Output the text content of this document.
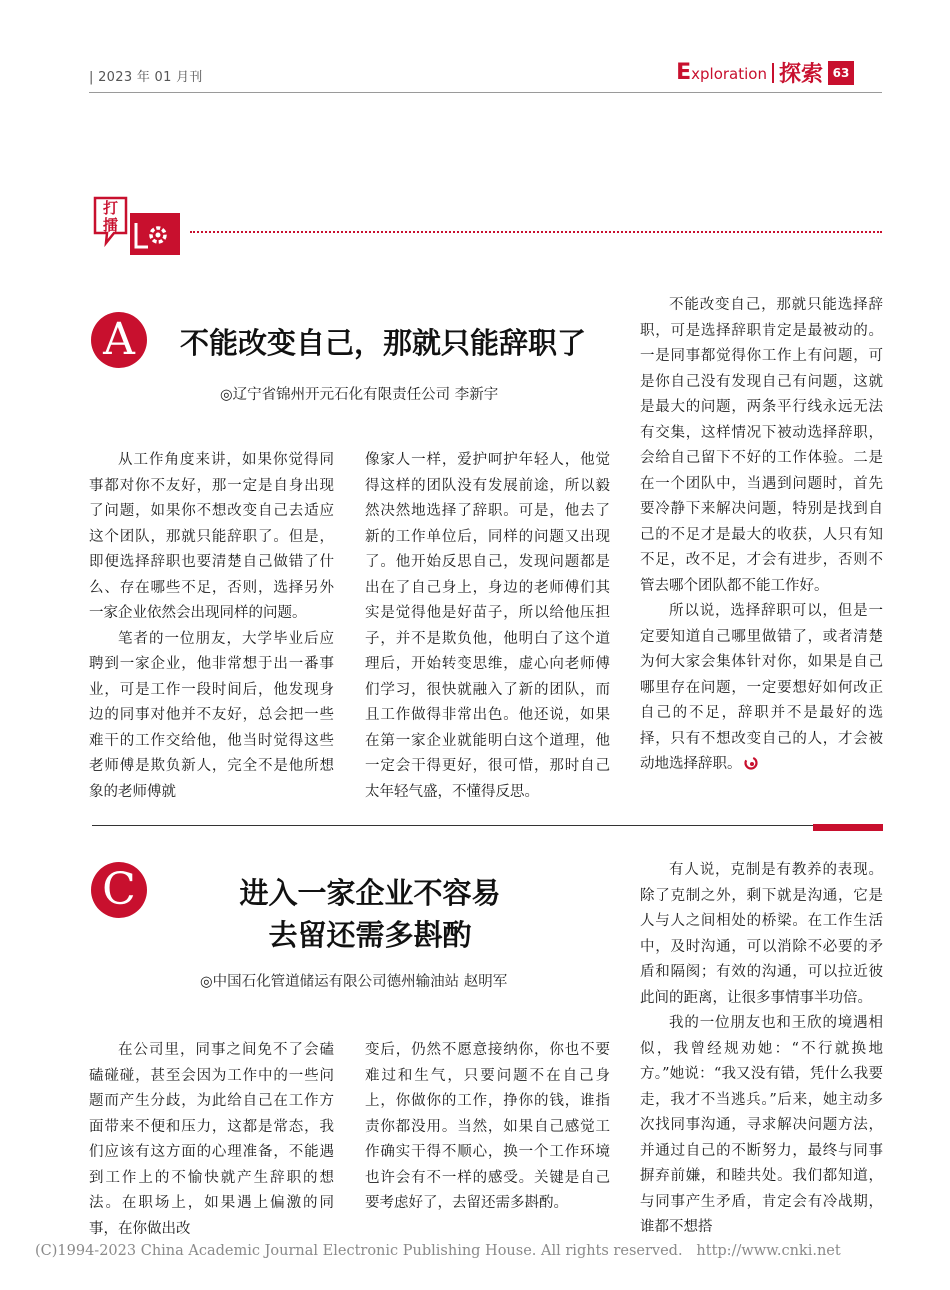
| 2023 年 01 月刊	Exploration 探索 63
打
擂
A	不能改变自己，那就只能辞职了
◎辽宁省锦州开元石化有限责任公司 李新宇

从工作角度来讲，如果你觉得同事都对你不友好，那一定是自身出现了问题，如果你不想改变自己去适应这个团队，那就只能辞职了。但是，即便选择辞职也要清楚自己做错了什么、存在哪些不足，否则，选择另外一家企业依然会出现同样的问题。

笔者的一位朋友，大学毕业后应聘到一家企业，他非常想于出一番事业，可是工作一段时间后，他发现身边的同事对他并不友好，总会把一些难干的工作交给他，他当时觉得这些老师傅是欺负新人，完全不是他所想象的老师傅就

像家人一样，爱护呵护年轻人，他觉得这样的团队没有发展前途，所以毅然决然地选择了辞职。可是，他去了新的工作单位后，同样的问题又出现了。他开始反思自己，发现问题都是出在了自己身上，身边的老师傅们其实是觉得他是好苗子，所以给他压担子，并不是欺负他，他明白了这个道理后，开始转变思维，虚心向老师傅们学习，很快就融入了新的团队，而且工作做得非常出色。他还说，如果在第一家企业就能明白这个道理，他一定会干得更好，很可惜，那时自己太年轻气盛，不懂得反思。

不能改变自己，那就只能选择辞职，可是选择辞职肯定是最被动的。一是同事都觉得你工作上有问题，可是你自己没有发现自己有问题，这就是最大的问题，两条平行线永远无法有交集，这样情况下被动选择辞职，会给自己留下不好的工作体验。二是在一个团队中，当遇到问题时，首先要冷静下来解决问题，特别是找到自己的不足才是最大的收获，人只有知不足，改不足，才会有进步，否则不管去哪个团队都不能工作好。

所以说，选择辞职可以，但是一定要知道自己哪里做错了，或者清楚为何大家会集体针对你，如果是自己哪里存在问题，一定要想好如何改正自己的不足，辞职并不是最好的选择，只有不想改变自己的人，才会被动地选择辞职。

C	进入一家企业不容易
去留还需多斟酌
◎中国石化管道储运有限公司德州输油站 赵明军

在公司里，同事之间免不了会磕磕碰碰，甚至会因为工作中的一些问题而产生分歧，为此给自己在工作方面带来不便和压力，这都是常态，我们应该有这方面的心理准备，不能遇到工作上的不愉快就产生辞职的想法。在职场上，如果遇上偏激的同事，在你做出改

变后，仍然不愿意接纳你，你也不要难过和生气，只要问题不在自己身上，你做你的工作，挣你的钱，谁指责你都没用。当然，如果自己感觉工作确实干得不顺心，换一个工作环境也许会有不一样的感受。关键是自己要考虑好了，去留还需多斟酌。

有人说，克制是有教养的表现。除了克制之外，剩下就是沟通，它是人与人之间相处的桥梁。在工作生活中，及时沟通，可以消除不必要的矛盾和隔阂；有效的沟通，可以拉近彼此间的距离，让很多事情事半功倍。

我的一位朋友也和王欣的境遇相似，我曾经规劝她：“不行就换地方。”她说：“我又没有错，凭什么我要走，我才不当逃兵。”后来，她主动多次找同事沟通，寻求解决问题方法，并通过自己的不断努力，最终与同事摒弃前嫌，和睦共处。我们都知道，与同事产生矛盾，肯定会有冷战期，谁都不想搭

(C)1994-2023 China Academic Journal Electronic Publishing House. All rights reserved. http://www.cnki.net
